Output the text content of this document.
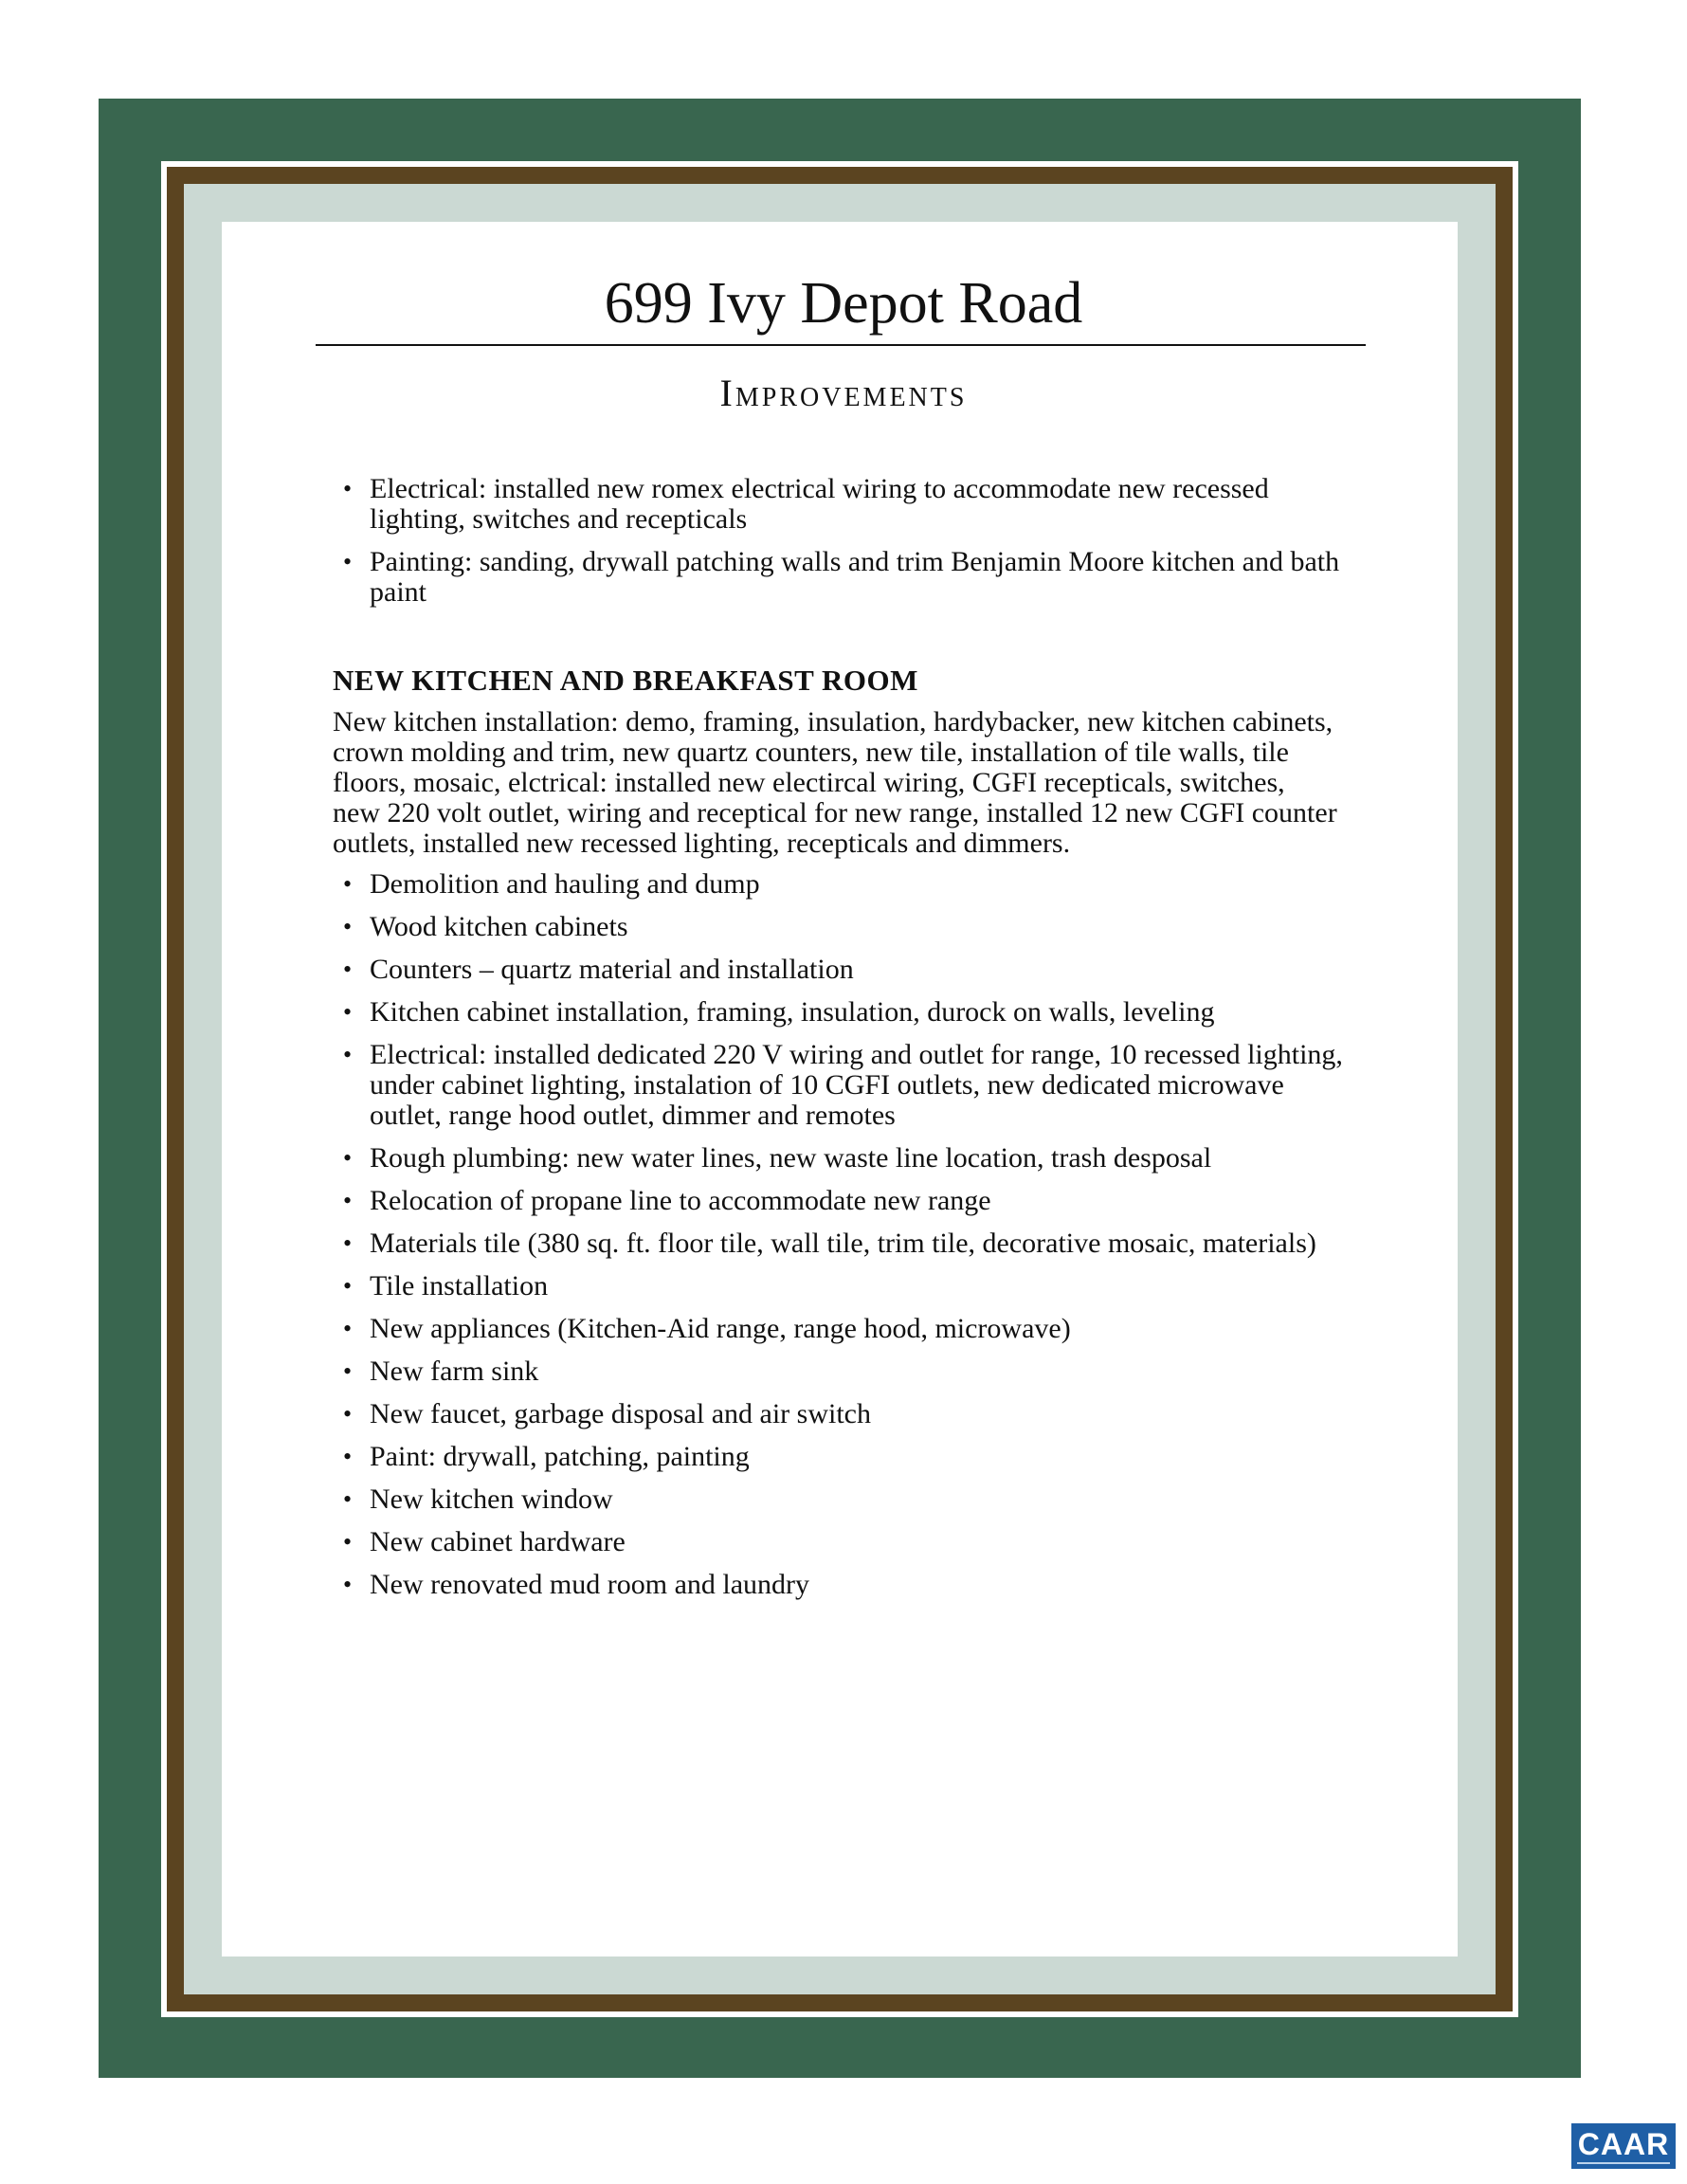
699 Ivy Depot Road
Improvements
• Electrical: installed new romex electrical wiring to accommodate new recessed lighting, switches and recepticals
• Painting: sanding, drywall patching walls and trim Benjamin Moore kitchen and bath paint
NEW KITCHEN AND BREAKFAST ROOM
New kitchen installation: demo, framing, insulation, hardybacker, new kitchen cabinets, crown molding and trim, new quartz counters, new tile, installation of tile walls, tile floors, mosaic, elctrical: installed new electircal wiring, CGFI recepticals, switches, new 220 volt outlet, wiring and receptical for new range, installed 12 new CGFI counter outlets, installed new recessed lighting, recepticals and dimmers.
• Demolition and hauling and dump
• Wood kitchen cabinets
• Counters – quartz material and installation
• Kitchen cabinet installation, framing, insulation, durock on walls, leveling
• Electrical: installed dedicated 220 V wiring and outlet for range, 10 recessed lighting, under cabinet lighting, instalation of 10 CGFI outlets, new dedicated microwave outlet, range hood outlet, dimmer and remotes
• Rough plumbing: new water lines, new waste line location, trash desposal
• Relocation of propane line to accommodate new range
• Materials tile (380 sq. ft. floor tile, wall tile, trim tile, decorative mosaic, materials)
• Tile installation
• New appliances (Kitchen-Aid range, range hood, microwave)
• New farm sink
• New faucet, garbage disposal and air switch
• Paint: drywall, patching, painting
• New kitchen window
• New cabinet hardware
• New renovated mud room and laundry
CAAR
